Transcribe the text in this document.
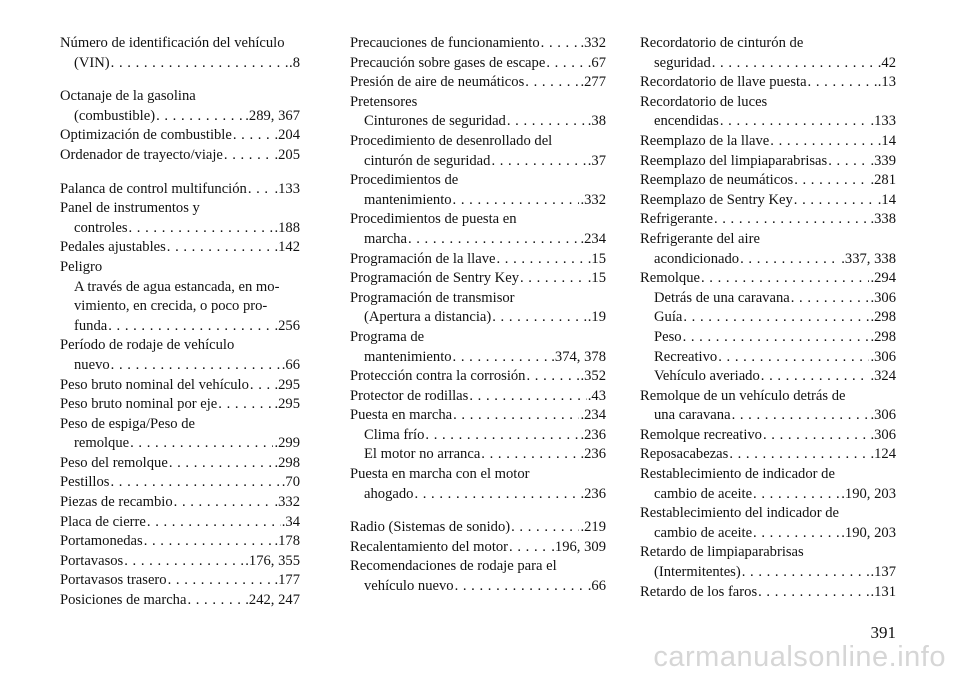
Número de identificación del vehículo
(VIN) . . .	.8
Octanaje de la gasolina
(combustible) . . .	.289, 367
Optimización de combustible . . .	.204
Ordenador de trayecto/viaje . . .	.205
Palanca de control multifunción . . . .133
Panel de instrumentos y
controles . . .	.188
Pedales ajustables . . .	.142
Peligro
A través de agua estancada, en mo-
vimiento, en crecida, o poco pro-
funda . . .	.256
Período de rodaje de vehículo
nuevo . . .	.66
Peso bruto nominal del vehículo . . . .295
Peso bruto nominal por eje . . .	.295
Peso de espiga/Peso de
remolque . . .	.299
Peso del remolque . . .	.298
Pestillos . . .	.70
Piezas de recambio . . .	.332
Placa de cierre . . .	.34
Portamonedas . . .	.178
Portavasos . . .	.176, 355
Portavasos trasero . . .	.177
Posiciones de marcha . . .	.242, 247
Precauciones de funcionamiento . . .	.332
Precaución sobre gases de escape . . .	.67
Presión de aire de neumáticos . . .	.277
Pretensores
Cinturones de seguridad . . .	.38
Procedimiento de desenrollado del
cinturón de seguridad . . .	.37
Procedimientos de
mantenimiento . . .	.332
Procedimientos de puesta en
marcha . . .	.234
Programación de la llave . . .	.15
Programación de Sentry Key . . .	.15
Programación de transmisor
(Apertura a distancia) . . .	.19
Programa de
mantenimiento . . .	.374, 378
Protección contra la corrosión . . .	.352
Protector de rodillas . . .	.43
Puesta en marcha . . .	.234
Clima frío . . .	.236
El motor no arranca . . .	.236
Puesta en marcha con el motor
ahogado . . .	.236
Radio (Sistemas de sonido) . . .	.219
Recalentamiento del motor . . .	.196, 309
Recomendaciones de rodaje para el
vehículo nuevo . . .	.66
Recordatorio de cinturón de
seguridad . . .	.42
Recordatorio de llave puesta . . .	.13
Recordatorio de luces
encendidas . . .	.133
Reemplazo de la llave . . .	.14
Reemplazo del limpiaparabrisas . . .	.339
Reemplazo de neumáticos . . .	.281
Reemplazo de Sentry Key . . .	.14
Refrigerante . . .	.338
Refrigerante del aire
acondicionado . . .	.337, 338
Remolque . . .	.294
Detrás de una caravana . . .	.306
Guía . . .	.298
Peso . . .	.298
Recreativo . . .	.306
Vehículo averiado . . .	.324
Remolque de un vehículo detrás de
una caravana . . .	.306
Remolque recreativo . . .	.306
Reposacabezas . . .	.124
Restablecimiento de indicador de
cambio de aceite . . .	.190, 203
Restablecimiento del indicador de
cambio de aceite . . .	.190, 203
Retardo de limpiaparabrisas
(Intermitentes) . . .	.137
Retardo de los faros . . .	.131
391
carmanualsonline.info
